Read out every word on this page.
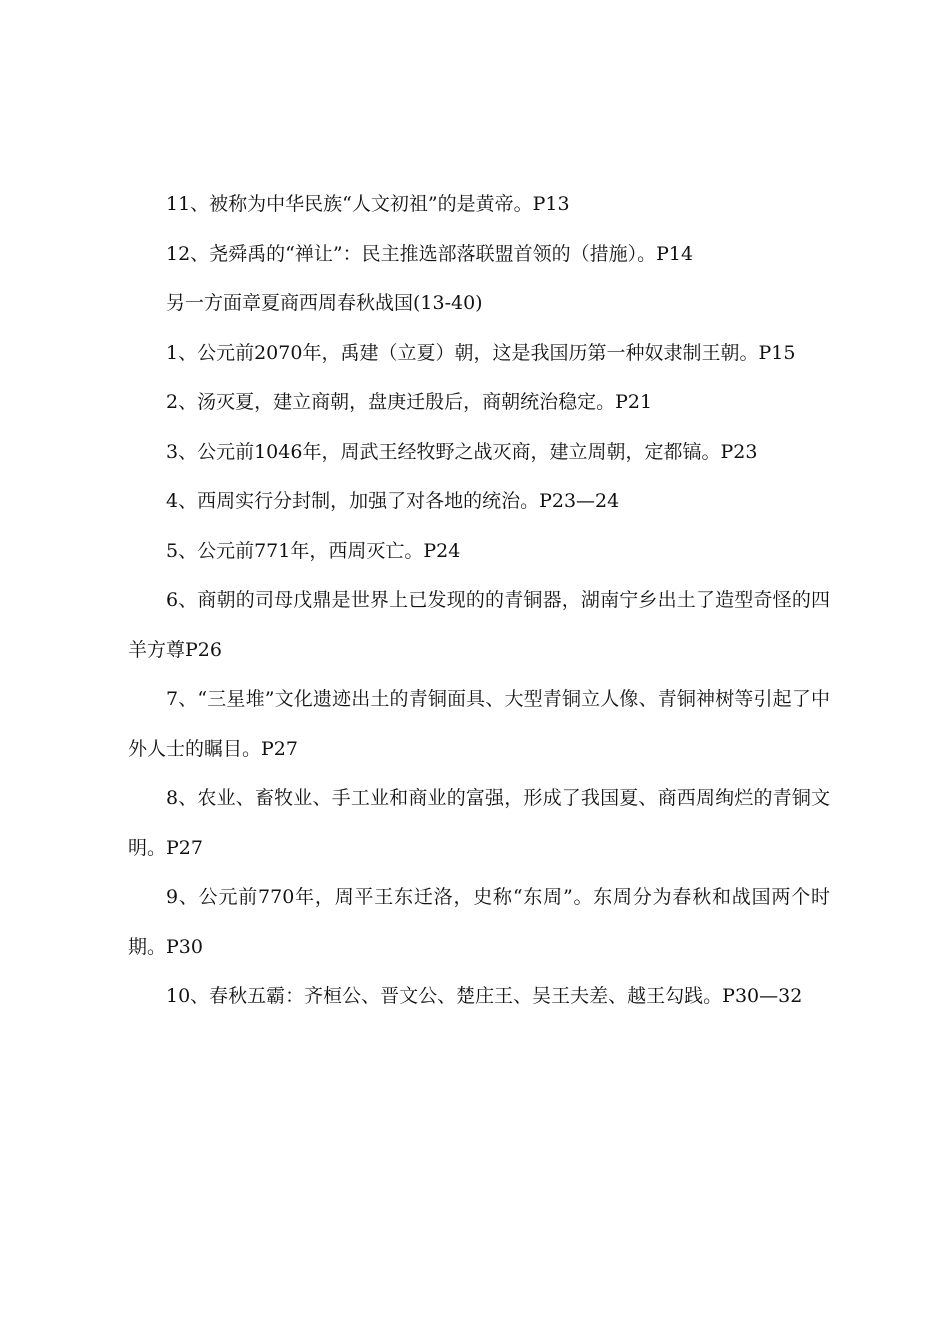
11、被称为中华民族“人文初祖”的是黄帝。P13

12、尧舜禹的“禅让”：民主推选部落联盟首领的（措施）。P14

另一方面章夏商西周春秋战国(13-40)

1、公元前2070年，禹建（立夏）朝，这是我国历第一种奴隶制王朝。P15

2、汤灭夏，建立商朝，盘庚迁殷后，商朝统治稳定。P21

3、公元前1046年，周武王经牧野之战灭商，建立周朝，定都镐。P23

4、西周实行分封制，加强了对各地的统治。P23—24

5、公元前771年，西周灭亡。P24

6、商朝的司母戊鼎是世界上已发现的的青铜器，湖南宁乡出土了造型奇怪的四羊方尊P26

7、“三星堆”文化遗迹出土的青铜面具、大型青铜立人像、青铜神树等引起了中外人士的瞩目。P27

8、农业、畜牧业、手工业和商业的富强，形成了我国夏、商西周绚烂的青铜文明。P27

9、公元前770年，周平王东迁洛，史称“东周”。东周分为春秋和战国两个时期。P30

10、春秋五霸：齐桓公、晋文公、楚庄王、吴王夫差、越王勾践。P30—32
